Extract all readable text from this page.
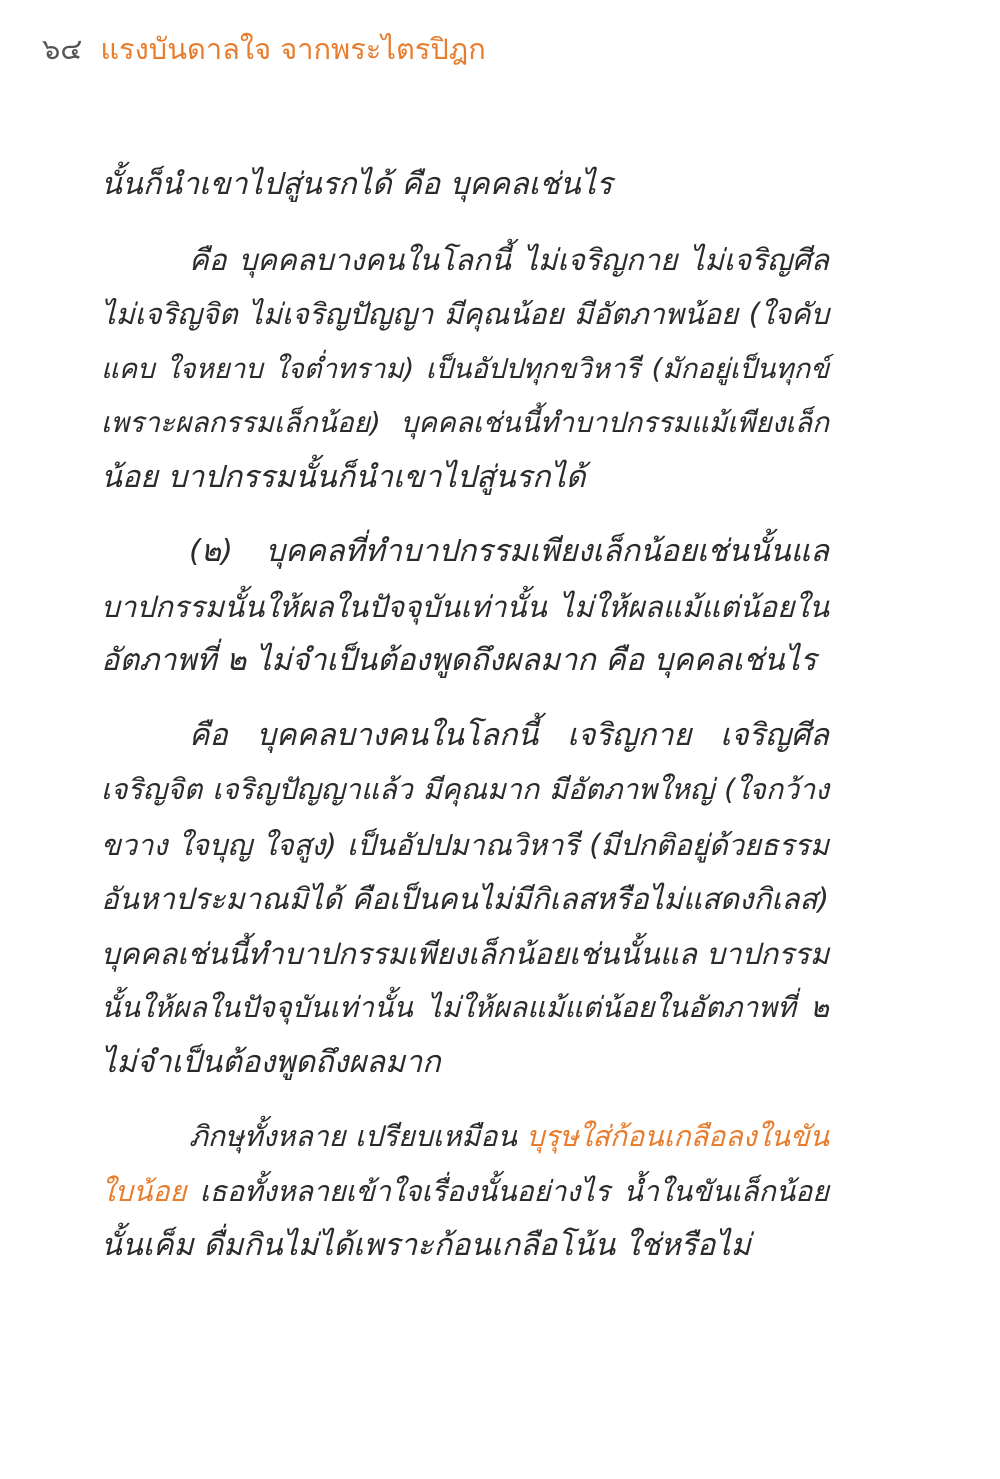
๖๔ แรงบันดาลใจ จากพระไตรปิฎก
นั้นก็นำเขาไปสู่นรกได้ คือ บุคคลเช่นไร
คือ บุคคลบางคนในโลกนี้ ไม่เจริญกาย ไม่เจริญศีล
ไม่เจริญจิต ไม่เจริญปัญญา มีคุณน้อย มีอัตภาพน้อย (ใจคับ
แคบ ใจหยาบ ใจต่ำทราม) เป็นอัปปทุกขวิหารี (มักอยู่เป็นทุกข์
เพราะผลกรรมเล็กน้อย) บุคคลเช่นนี้ทำบาปกรรมแม้เพียงเล็ก
น้อย บาปกรรมนั้นก็นำเขาไปสู่นรกได้
(๒) บุคคลที่ทำบาปกรรมเพียงเล็กน้อยเช่นนั้นแล
บาปกรรมนั้นให้ผลในปัจจุบันเท่านั้น ไม่ให้ผลแม้แต่น้อยใน
อัตภาพที่ ๒ ไม่จำเป็นต้องพูดถึงผลมาก คือ บุคคลเช่นไร
คือ บุคคลบางคนในโลกนี้ เจริญกาย เจริญศีล
เจริญจิต เจริญปัญญาแล้ว มีคุณมาก มีอัตภาพใหญ่ (ใจกว้าง
ขวาง ใจบุญ ใจสูง) เป็นอัปปมาณวิหารี (มีปกติอยู่ด้วยธรรม
อันหาประมาณมิได้ คือเป็นคนไม่มีกิเลสหรือไม่แสดงกิเลส)
บุคคลเช่นนี้ทำบาปกรรมเพียงเล็กน้อยเช่นนั้นแล บาปกรรม
นั้นให้ผลในปัจจุบันเท่านั้น ไม่ให้ผลแม้แต่น้อยในอัตภาพที่ ๒
ไม่จำเป็นต้องพูดถึงผลมาก
ภิกษุทั้งหลาย เปรียบเหมือน บุรุษใส่ก้อนเกลือลงในขัน
ใบน้อย เธอทั้งหลายเข้าใจเรื่องนั้นอย่างไร น้ำในขันเล็กน้อย
นั้นเค็ม ดื่มกินไม่ได้เพราะก้อนเกลือโน้น ใช่หรือไม่
